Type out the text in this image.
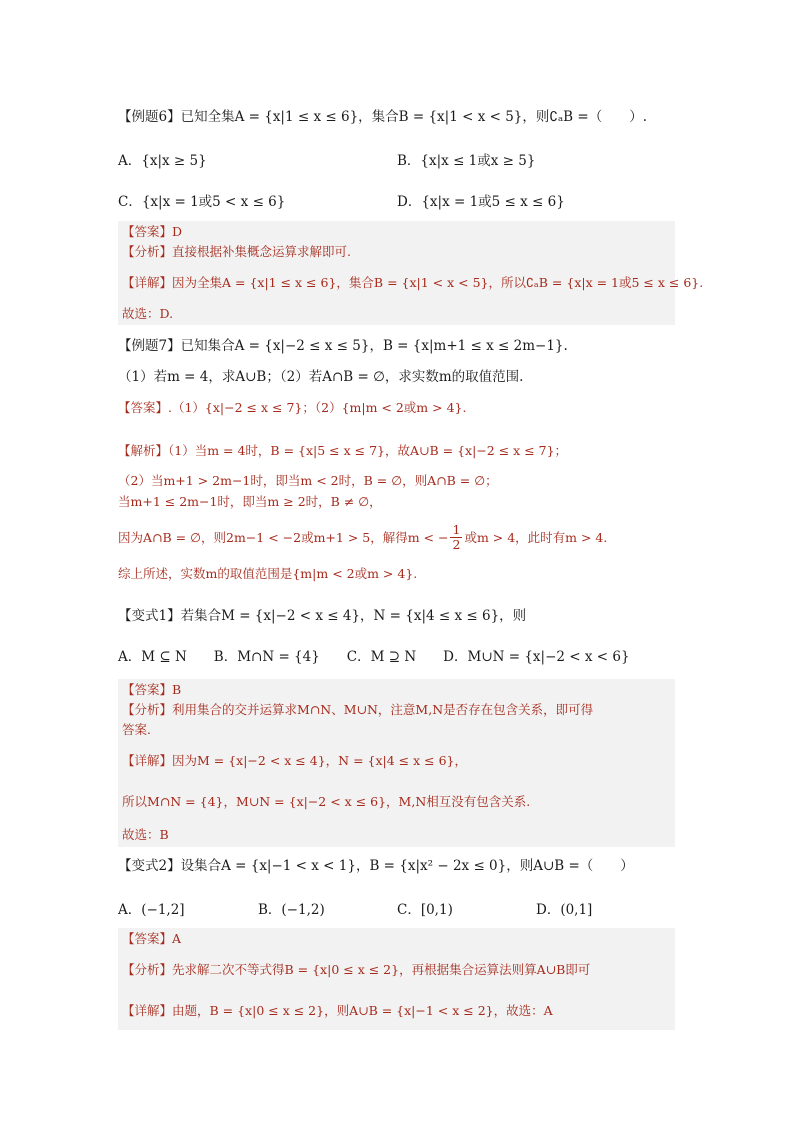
【例题6】已知全集A = {x|1 ≤ x ≤ 6}，集合B = {x|1 < x < 5}，则∁ₐB =（　　）.
A．{x|x ≥ 5}	B．{x|x ≤ 1或x ≥ 5}
C．{x|x = 1或5 < x ≤ 6}	D．{x|x = 1或5 ≤ x ≤ 6}
【答案】D
【分析】直接根据补集概念运算求解即可.
【详解】因为全集A = {x|1 ≤ x ≤ 6}，集合B = {x|1 < x < 5}，所以∁ₐB = {x|x = 1或5 ≤ x ≤ 6}.
故选：D.
【例题7】已知集合A = {x|−2 ≤ x ≤ 5}，B = {x|m+1 ≤ x ≤ 2m−1}.
（1）若m = 4，求A∪B；（2）若A∩B = ∅，求实数m的取值范围.
【答案】.（1）{x|−2 ≤ x ≤ 7}；（2）{m|m < 2或m > 4}.
【解析】（1）当m = 4时，B = {x|5 ≤ x ≤ 7}，故A∪B = {x|−2 ≤ x ≤ 7}；
（2）当m+1 > 2m−1时，即当m < 2时，B = ∅，则A∩B = ∅；
当m+1 ≤ 2m−1时，即当m ≥ 2时，B ≠ ∅，
因为A∩B = ∅，则2m−1 < −2或m+1 > 5，解得m < − $\frac{1}{2}$ 或m > 4，此时有m > 4.
综上所述，实数m的取值范围是{m|m < 2或m > 4}.
【变式1】若集合M = {x|−2 < x ≤ 4}，N = {x|4 ≤ x ≤ 6}，则
A．M ⊆ N　　B．M∩N = {4}　　C．M ⊇ N　　D．M∪N = {x|−2 < x < 6}
【答案】B
【分析】利用集合的交并运算求M∩N、M∪N，注意M,N是否存在包含关系，即可得
答案.
【详解】因为M = {x|−2 < x ≤ 4}，N = {x|4 ≤ x ≤ 6}，
所以M∩N = {4}，M∪N = {x|−2 < x ≤ 6}，M,N相互没有包含关系.
故选：B
【变式2】设集合A = {x|−1 < x < 1}，B = {x|x² − 2x ≤ 0}，则A∪B =（　　）
A．(−1,2]	B．(−1,2)	C．[0,1)	D．(0,1]
【答案】A
【分析】先求解二次不等式得B = {x|0 ≤ x ≤ 2}，再根据集合运算法则算A∪B即可
【详解】由题，B = {x|0 ≤ x ≤ 2}，则A∪B = {x|−1 < x ≤ 2}，故选：A
